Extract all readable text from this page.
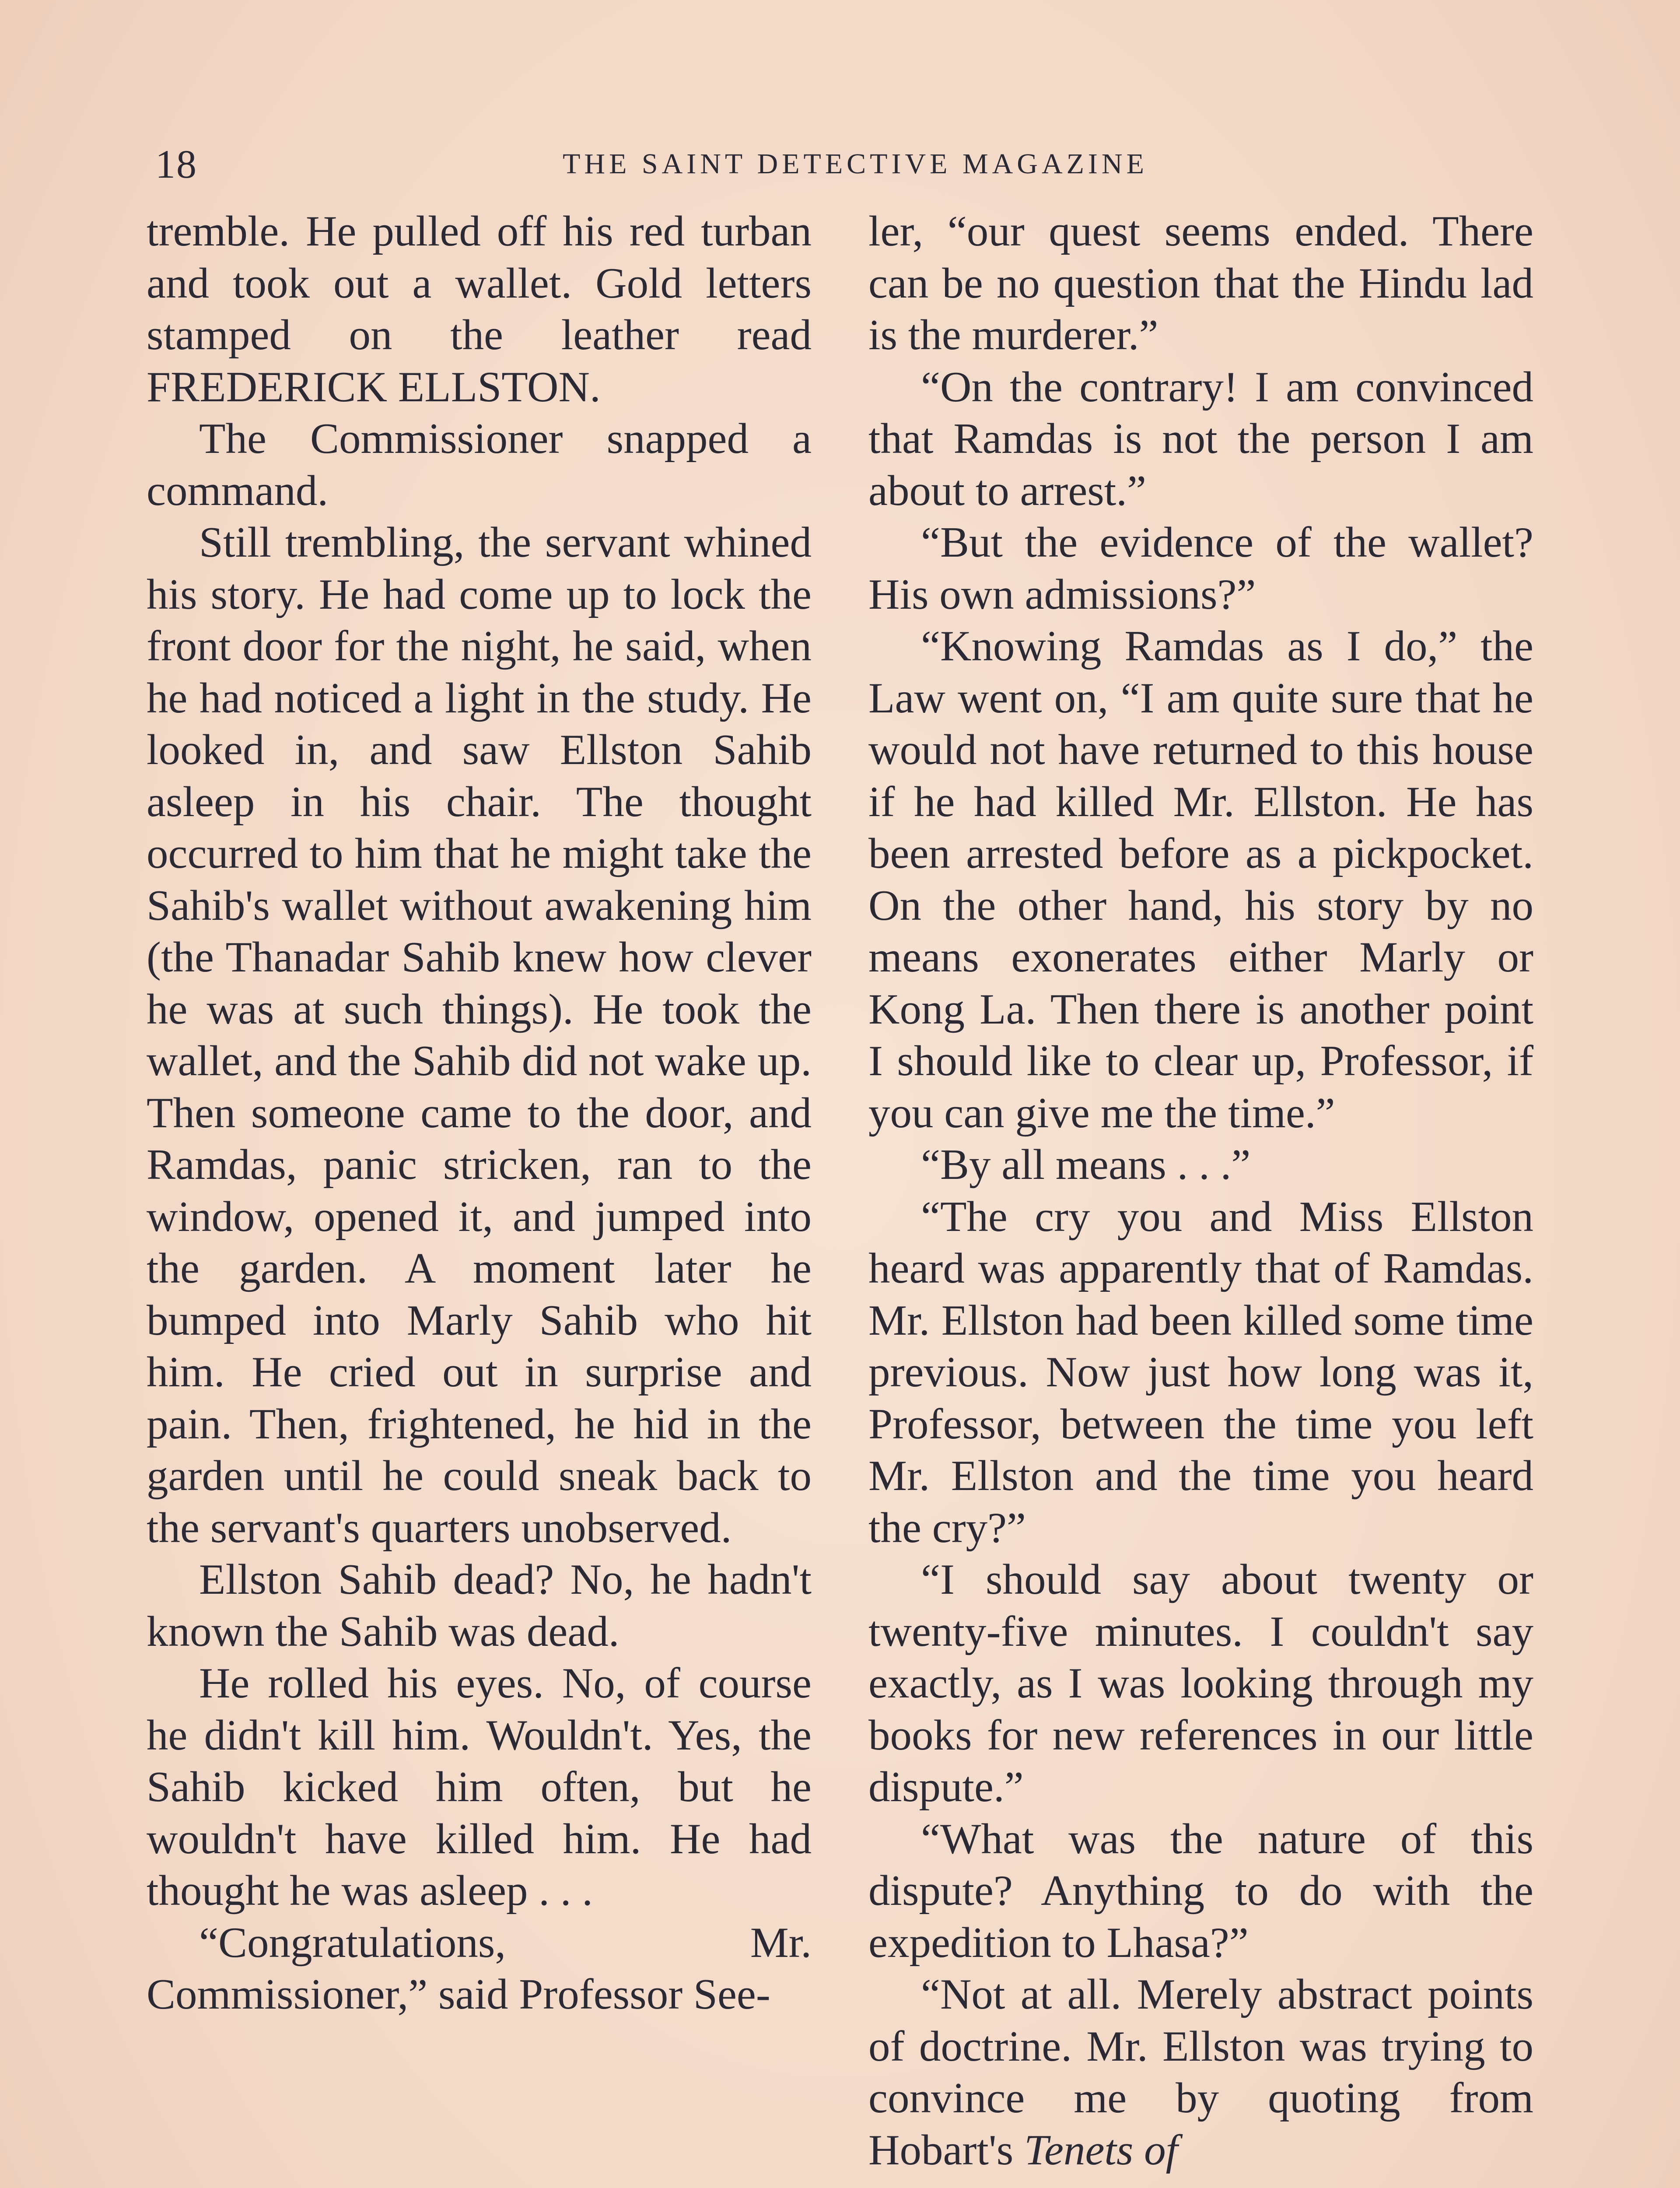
18	THE SAINT DETECTIVE MAGAZINE

tremble. He pulled off his red turban and took out a wallet. Gold letters stamped on the leather read FREDERICK ELLSTON.

The Commissioner snapped a command.

Still trembling, the servant whined his story. He had come up to lock the front door for the night, he said, when he had noticed a light in the study. He looked in, and saw Ellston Sahib asleep in his chair. The thought occurred to him that he might take the Sahib's wallet without awakening him (the Thanadar Sahib knew how clever he was at such things). He took the wallet, and the Sahib did not wake up. Then someone came to the door, and Ramdas, panic stricken, ran to the window, opened it, and jumped into the garden. A moment later he bumped into Marly Sahib who hit him. He cried out in surprise and pain. Then, frightened, he hid in the garden until he could sneak back to the servant's quarters unobserved.

Ellston Sahib dead? No, he hadn't known the Sahib was dead.

He rolled his eyes. No, of course he didn't kill him. Wouldn't. Yes, the Sahib kicked him often, but he wouldn't have killed him. He had thought he was asleep . . .

“Congratulations, Mr. Commissioner,” said Professor See-

ler, “our quest seems ended. There can be no question that the Hindu lad is the murderer.”

“On the contrary! I am convinced that Ramdas is not the person I am about to arrest.”

“But the evidence of the wallet? His own admissions?”

“Knowing Ramdas as I do,” the Law went on, “I am quite sure that he would not have returned to this house if he had killed Mr. Ellston. He has been arrested before as a pickpocket. On the other hand, his story by no means exonerates either Marly or Kong La. Then there is another point I should like to clear up, Professor, if you can give me the time.”

“By all means . . .”

“The cry you and Miss Ellston heard was apparently that of Ramdas. Mr. Ellston had been killed some time previous. Now just how long was it, Professor, between the time you left Mr. Ellston and the time you heard the cry?”

“I should say about twenty or twenty-five minutes. I couldn't say exactly, as I was looking through my books for new references in our little dispute.”

“What was the nature of this dispute? Anything to do with the expedition to Lhasa?”

“Not at all. Merely abstract points of doctrine. Mr. Ellston was trying to convince me by quoting from Hobart's Tenets of
